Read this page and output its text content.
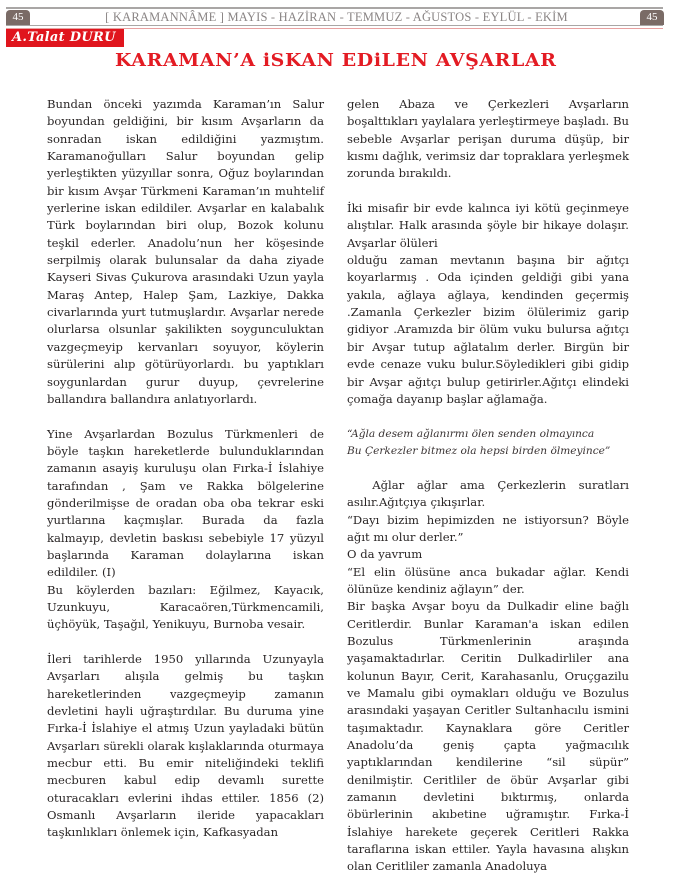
45	[ KARAMANNÂME ] MAYIS - HAZİRAN - TEMMUZ - AĞUSTOS - EYLÜL - EKİM	45
A.Talat DURU
KARAMAN’A iSKAN EDiLEN AVŞARLAR

Bundan önceki yazımda Karaman’ın Salur boyundan geldiğini, bir kısım Avşarların da sonradan iskan edildiğini yazmıştım. Karamanoğulları Salur boyundan gelip yerleştikten yüzyıllar sonra, Oğuz boylarından bir kısım Avşar Türkmeni Karaman’ın muhtelif yerlerine iskan edildiler. Avşarlar en kalabalık Türk boylarından biri olup, Bozok kolunu teşkil ederler. Anadolu’nun her köşesinde serpilmiş olarak bulunsalar da daha ziyade Kayseri Sivas Çukurova arasındaki Uzun yayla Maraş Antep, Halep Şam, Lazkiye, Dakka civarlarında yurt tutmuşlardır. Avşarlar nerede olurlarsa olsunlar şakilikten soygunculuktan vazgeçmeyip kervanları soyuyor, köylerin sürülerini alıp götürüyorlardı. bu yaptıkları soygunlardan gurur duyup, çevrelerine ballandıra ballandıra anlatıyorlardı.

Yine Avşarlardan Bozulus Türkmenleri de böyle taşkın hareketlerde bulunduklarından zamanın asayiş kuruluşu olan Fırka-İ İslahiye tarafından , Şam ve Rakka bölgelerine gönderilmişse de oradan oba oba tekrar eski yurtlarına kaçmışlar. Burada da fazla kalmayıp, devletin baskısı sebebiyle 17 yüzyıl başlarında Karaman dolaylarına iskan edildiler. (I)

Bu köylerden bazıları: Eğilmez, Kayacık, Uzunkuyu, Karacaören,Türkmencamili, üçhöyük, Taşağıl, Yenikuyu, Burnoba vesair.

İleri tarihlerde 1950 yıllarında Uzunyayla Avşarları alışıla gelmiş bu taşkın hareketlerinden vazgeçmeyip zamanın devletini hayli uğraştırdılar. Bu duruma yine Fırka-İ İslahiye el atmış Uzun yayladaki bütün Avşarları sürekli olarak kışlaklarında oturmaya mecbur etti. Bu emir niteliğindeki teklifi mecburen kabul edip devamlı surette oturacakları evlerini ihdas ettiler. 1856 (2) Osmanlı Avşarların ileride yapacakları taşkınlıkları önlemek için, Kafkasyadan

gelen Abaza ve Çerkezleri Avşarların boşalttıkları yaylalara yerleştirmeye başladı. Bu sebeble Avşarlar perişan duruma düşüp, bir kısmı dağlık, verimsiz dar topraklara yerleşmek zorunda bırakıldı.

İki misafir bir evde kalınca iyi kötü geçinmeye alıştılar. Halk arasında şöyle bir hikaye dolaşır. Avşarlar ölüleri

olduğu zaman mevtanın başına bir ağıtçı koyarlarmış . Oda içinden geldiği gibi yana yakıla, ağlaya ağlaya, kendinden geçermiş .Zamanla Çerkezler bizim ölülerimiz garip gidiyor .Aramızda bir ölüm vuku bulursa ağıtçı bir Avşar tutup ağlatalım derler. Birgün bir evde cenaze vuku bulur.Söyledikleri gibi gidip bir Avşar ağıtçı bulup getirirler.Ağıtçı elindeki çomağa dayanıp başlar ağlamağa.

“Ağla desem ağlanırmı ölen senden olmayınca

Bu Çerkezler bitmez ola hepsi birden ölmeyince”

Ağlar ağlar ama Çerkezlerin suratları asılır.Ağıtçıya çıkışırlar.

“Dayı bizim hepimizden ne istiyorsun? Böyle ağıt mı olur derler.”

O da yavrum

“El elin ölüsüne anca bukadar ağlar. Kendi ölünüze kendiniz ağlayın” der.

Bir başka Avşar boyu da Dulkadir eline bağlı Ceritlerdir. Bunlar Karaman'a iskan edilen Bozulus Türkmenlerinin araşında yaşamaktadırlar. Ceritin Dulkadirliler ana kolunun Bayır, Cerit, Karahasanlu, Oruçgazilu ve Mamalu gibi oymakları olduğu ve Bozulus arasındaki yaşayan Ceritler Sultanhacılu ismini taşımaktadır. Kaynaklara göre Ceritler Anadolu’da geniş çapta yağmacılık yaptıklarından kendilerine “sil süpür” denilmiştir. Ceritliler de öbür Avşarlar gibi zamanın devletini bıktırmış, onlarda öbürlerinin akıbetine uğramıştır. Fırka-İ İslahiye harekete geçerek Ceritleri Rakka taraflarına iskan ettiler. Yayla havasına alışkın olan Ceritliler zamanla Anadoluya
